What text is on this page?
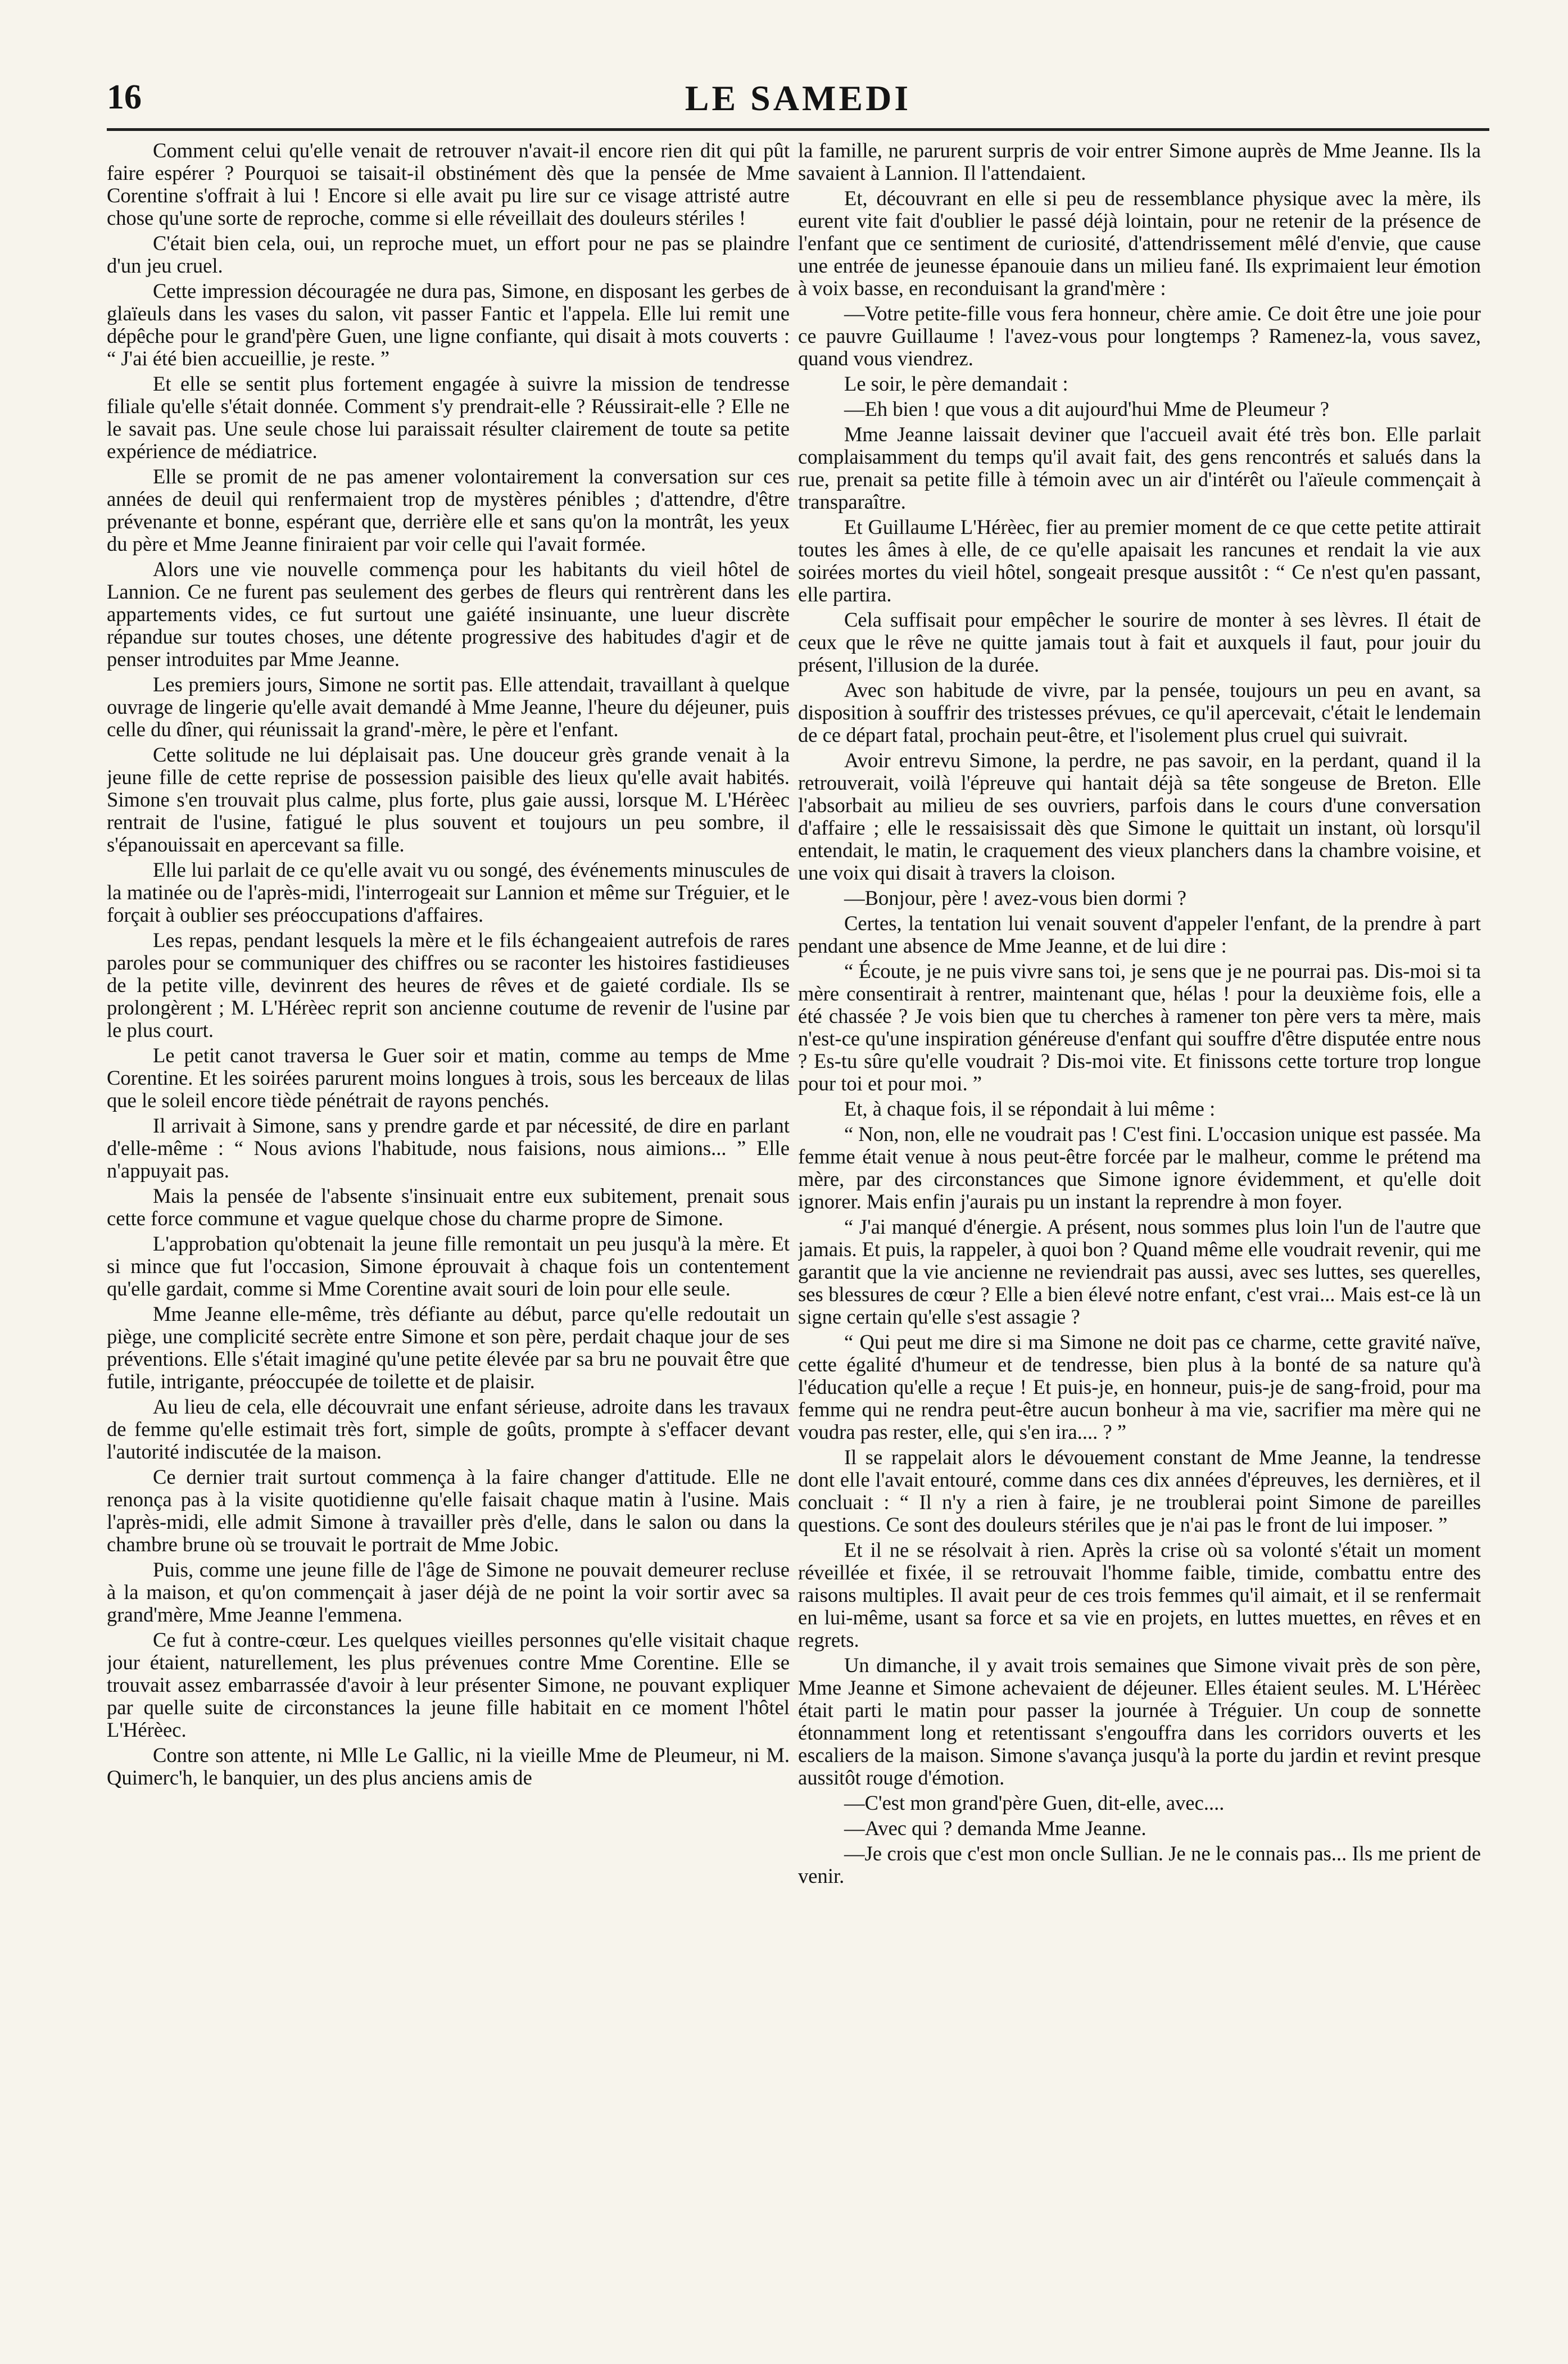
16	LE SAMEDI

Comment celui qu'elle venait de retrouver n'avait-il encore rien dit qui pût faire espérer ? Pourquoi se taisait-il obstinément dès que la pensée de Mme Corentine s'offrait à lui ! Encore si elle avait pu lire sur ce visage attristé autre chose qu'une sorte de reproche, comme si elle réveillait des douleurs stériles !

C'était bien cela, oui, un reproche muet, un effort pour ne pas se plaindre d'un jeu cruel.

Cette impression découragée ne dura pas, Simone, en disposant les gerbes de glaïeuls dans les vases du salon, vit passer Fantic et l'appela. Elle lui remit une dépêche pour le grand'père Guen, une ligne confiante, qui disait à mots couverts : “ J'ai été bien accueillie, je reste. ”

Et elle se sentit plus fortement engagée à suivre la mission de tendresse filiale qu'elle s'était donnée. Comment s'y prendrait-elle ? Réussirait-elle ? Elle ne le savait pas. Une seule chose lui paraissait résulter clairement de toute sa petite expérience de médiatrice.

Elle se promit de ne pas amener volontairement la conversation sur ces années de deuil qui renfermaient trop de mystères pénibles ; d'attendre, d'être prévenante et bonne, espérant que, derrière elle et sans qu'on la montrât, les yeux du père et Mme Jeanne finiraient par voir celle qui l'avait formée.

Alors une vie nouvelle commença pour les habitants du vieil hôtel de Lannion. Ce ne furent pas seulement des gerbes de fleurs qui rentrèrent dans les appartements vides, ce fut surtout une gaiété insinuante, une lueur discrète répandue sur toutes choses, une détente progressive des habitudes d'agir et de penser introduites par Mme Jeanne.

Les premiers jours, Simone ne sortit pas. Elle attendait, travaillant à quelque ouvrage de lingerie qu'elle avait demandé à Mme Jeanne, l'heure du déjeuner, puis celle du dîner, qui réunissait la grand'-mère, le père et l'enfant.

Cette solitude ne lui déplaisait pas. Une douceur grès grande venait à la jeune fille de cette reprise de possession paisible des lieux qu'elle avait habités. Simone s'en trouvait plus calme, plus forte, plus gaie aussi, lorsque M. L'Hérèec rentrait de l'usine, fatigué le plus souvent et toujours un peu sombre, il s'épanouissait en apercevant sa fille.

Elle lui parlait de ce qu'elle avait vu ou songé, des événements minuscules de la matinée ou de l'après-midi, l'interrogeait sur Lannion et même sur Tréguier, et le forçait à oublier ses préoccupations d'affaires.

Les repas, pendant lesquels la mère et le fils échangeaient autrefois de rares paroles pour se communiquer des chiffres ou se raconter les histoires fastidieuses de la petite ville, devinrent des heures de rêves et de gaieté cordiale. Ils se prolongèrent ; M. L'Hérèec reprit son ancienne coutume de revenir de l'usine par le plus court.

Le petit canot traversa le Guer soir et matin, comme au temps de Mme Corentine. Et les soirées parurent moins longues à trois, sous les berceaux de lilas que le soleil encore tiède pénétrait de rayons penchés.

Il arrivait à Simone, sans y prendre garde et par nécessité, de dire en parlant d'elle-même : “ Nous avions l'habitude, nous faisions, nous aimions... ” Elle n'appuyait pas.

Mais la pensée de l'absente s'insinuait entre eux subitement, prenait sous cette force commune et vague quelque chose du charme propre de Simone.

L'approbation qu'obtenait la jeune fille remontait un peu jusqu'à la mère. Et si mince que fut l'occasion, Simone éprouvait à chaque fois un contentement qu'elle gardait, comme si Mme Corentine avait souri de loin pour elle seule.

Mme Jeanne elle-même, très défiante au début, parce qu'elle redoutait un piège, une complicité secrète entre Simone et son père, perdait chaque jour de ses préventions. Elle s'était imaginé qu'une petite élevée par sa bru ne pouvait être que futile, intrigante, préoccupée de toilette et de plaisir.

Au lieu de cela, elle découvrait une enfant sérieuse, adroite dans les travaux de femme qu'elle estimait très fort, simple de goûts, prompte à s'effacer devant l'autorité indiscutée de la maison.

Ce dernier trait surtout commença à la faire changer d'attitude. Elle ne renonça pas à la visite quotidienne qu'elle faisait chaque matin à l'usine. Mais l'après-midi, elle admit Simone à travailler près d'elle, dans le salon ou dans la chambre brune où se trouvait le portrait de Mme Jobic.

Puis, comme une jeune fille de l'âge de Simone ne pouvait demeurer recluse à la maison, et qu'on commençait à jaser déjà de ne point la voir sortir avec sa grand'mère, Mme Jeanne l'emmena.

Ce fut à contre-cœur. Les quelques vieilles personnes qu'elle visitait chaque jour étaient, naturellement, les plus prévenues contre Mme Corentine. Elle se trouvait assez embarrassée d'avoir à leur présenter Simone, ne pouvant expliquer par quelle suite de circonstances la jeune fille habitait en ce moment l'hôtel L'Hérèec.

Contre son attente, ni Mlle Le Gallic, ni la vieille Mme de Pleumeur, ni M. Quimerc'h, le banquier, un des plus anciens amis de

la famille, ne parurent surpris de voir entrer Simone auprès de Mme Jeanne. Ils la savaient à Lannion. Il l'attendaient.

Et, découvrant en elle si peu de ressemblance physique avec la mère, ils eurent vite fait d'oublier le passé déjà lointain, pour ne retenir de la présence de l'enfant que ce sentiment de curiosité, d'attendrissement mêlé d'envie, que cause une entrée de jeunesse épanouie dans un milieu fané. Ils exprimaient leur émotion à voix basse, en reconduisant la grand'mère :

—Votre petite-fille vous fera honneur, chère amie. Ce doit être une joie pour ce pauvre Guillaume ! l'avez-vous pour longtemps ? Ramenez-la, vous savez, quand vous viendrez.

Le soir, le père demandait :

—Eh bien ! que vous a dit aujourd'hui Mme de Pleumeur ?

Mme Jeanne laissait deviner que l'accueil avait été très bon. Elle parlait complaisamment du temps qu'il avait fait, des gens rencontrés et salués dans la rue, prenait sa petite fille à témoin avec un air d'intérêt ou l'aïeule commençait à transparaître.

Et Guillaume L'Hérèec, fier au premier moment de ce que cette petite attirait toutes les âmes à elle, de ce qu'elle apaisait les rancunes et rendait la vie aux soirées mortes du vieil hôtel, songeait presque aussitôt : “ Ce n'est qu'en passant, elle partira.

Cela suffisait pour empêcher le sourire de monter à ses lèvres. Il était de ceux que le rêve ne quitte jamais tout à fait et auxquels il faut, pour jouir du présent, l'illusion de la durée.

Avec son habitude de vivre, par la pensée, toujours un peu en avant, sa disposition à souffrir des tristesses prévues, ce qu'il apercevait, c'était le lendemain de ce départ fatal, prochain peut-être, et l'isolement plus cruel qui suivrait.

Avoir entrevu Simone, la perdre, ne pas savoir, en la perdant, quand il la retrouverait, voilà l'épreuve qui hantait déjà sa tête songeuse de Breton. Elle l'absorbait au milieu de ses ouvriers, parfois dans le cours d'une conversation d'affaire ; elle le ressaisissait dès que Simone le quittait un instant, où lorsqu'il entendait, le matin, le craquement des vieux planchers dans la chambre voisine, et une voix qui disait à travers la cloison.

—Bonjour, père ! avez-vous bien dormi ?

Certes, la tentation lui venait souvent d'appeler l'enfant, de la prendre à part pendant une absence de Mme Jeanne, et de lui dire :

“ Écoute, je ne puis vivre sans toi, je sens que je ne pourrai pas. Dis-moi si ta mère consentirait à rentrer, maintenant que, hélas ! pour la deuxième fois, elle a été chassée ? Je vois bien que tu cherches à ramener ton père vers ta mère, mais n'est-ce qu'une inspiration généreuse d'enfant qui souffre d'être disputée entre nous ? Es-tu sûre qu'elle voudrait ? Dis-moi vite. Et finissons cette torture trop longue pour toi et pour moi. ”

Et, à chaque fois, il se répondait à lui même :

“ Non, non, elle ne voudrait pas ! C'est fini. L'occasion unique est passée. Ma femme était venue à nous peut-être forcée par le malheur, comme le prétend ma mère, par des circonstances que Simone ignore évidemment, et qu'elle doit ignorer. Mais enfin j'aurais pu un instant la reprendre à mon foyer.

“ J'ai manqué d'énergie. A présent, nous sommes plus loin l'un de l'autre que jamais. Et puis, la rappeler, à quoi bon ? Quand même elle voudrait revenir, qui me garantit que la vie ancienne ne reviendrait pas aussi, avec ses luttes, ses querelles, ses blessures de cœur ? Elle a bien élevé notre enfant, c'est vrai... Mais est-ce là un signe certain qu'elle s'est assagie ?

“ Qui peut me dire si ma Simone ne doit pas ce charme, cette gravité naïve, cette égalité d'humeur et de tendresse, bien plus à la bonté de sa nature qu'à l'éducation qu'elle a reçue ! Et puis-je, en honneur, puis-je de sang-froid, pour ma femme qui ne rendra peut-être aucun bonheur à ma vie, sacrifier ma mère qui ne voudra pas rester, elle, qui s'en ira.... ? ”

Il se rappelait alors le dévouement constant de Mme Jeanne, la tendresse dont elle l'avait entouré, comme dans ces dix années d'épreuves, les dernières, et il concluait : “ Il n'y a rien à faire, je ne troublerai point Simone de pareilles questions. Ce sont des douleurs stériles que je n'ai pas le front de lui imposer. ”

Et il ne se résolvait à rien. Après la crise où sa volonté s'était un moment réveillée et fixée, il se retrouvait l'homme faible, timide, combattu entre des raisons multiples. Il avait peur de ces trois femmes qu'il aimait, et il se renfermait en lui-même, usant sa force et sa vie en projets, en luttes muettes, en rêves et en regrets.

Un dimanche, il y avait trois semaines que Simone vivait près de son père, Mme Jeanne et Simone achevaient de déjeuner. Elles étaient seules. M. L'Hérèec était parti le matin pour passer la journée à Tréguier. Un coup de sonnette étonnamment long et retentissant s'engouffra dans les corridors ouverts et les escaliers de la maison. Simone s'avança jusqu'à la porte du jardin et revint presque aussitôt rouge d'émotion.

—C'est mon grand'père Guen, dit-elle, avec....

—Avec qui ? demanda Mme Jeanne.

—Je crois que c'est mon oncle Sullian. Je ne le connais pas... Ils me prient de venir.
